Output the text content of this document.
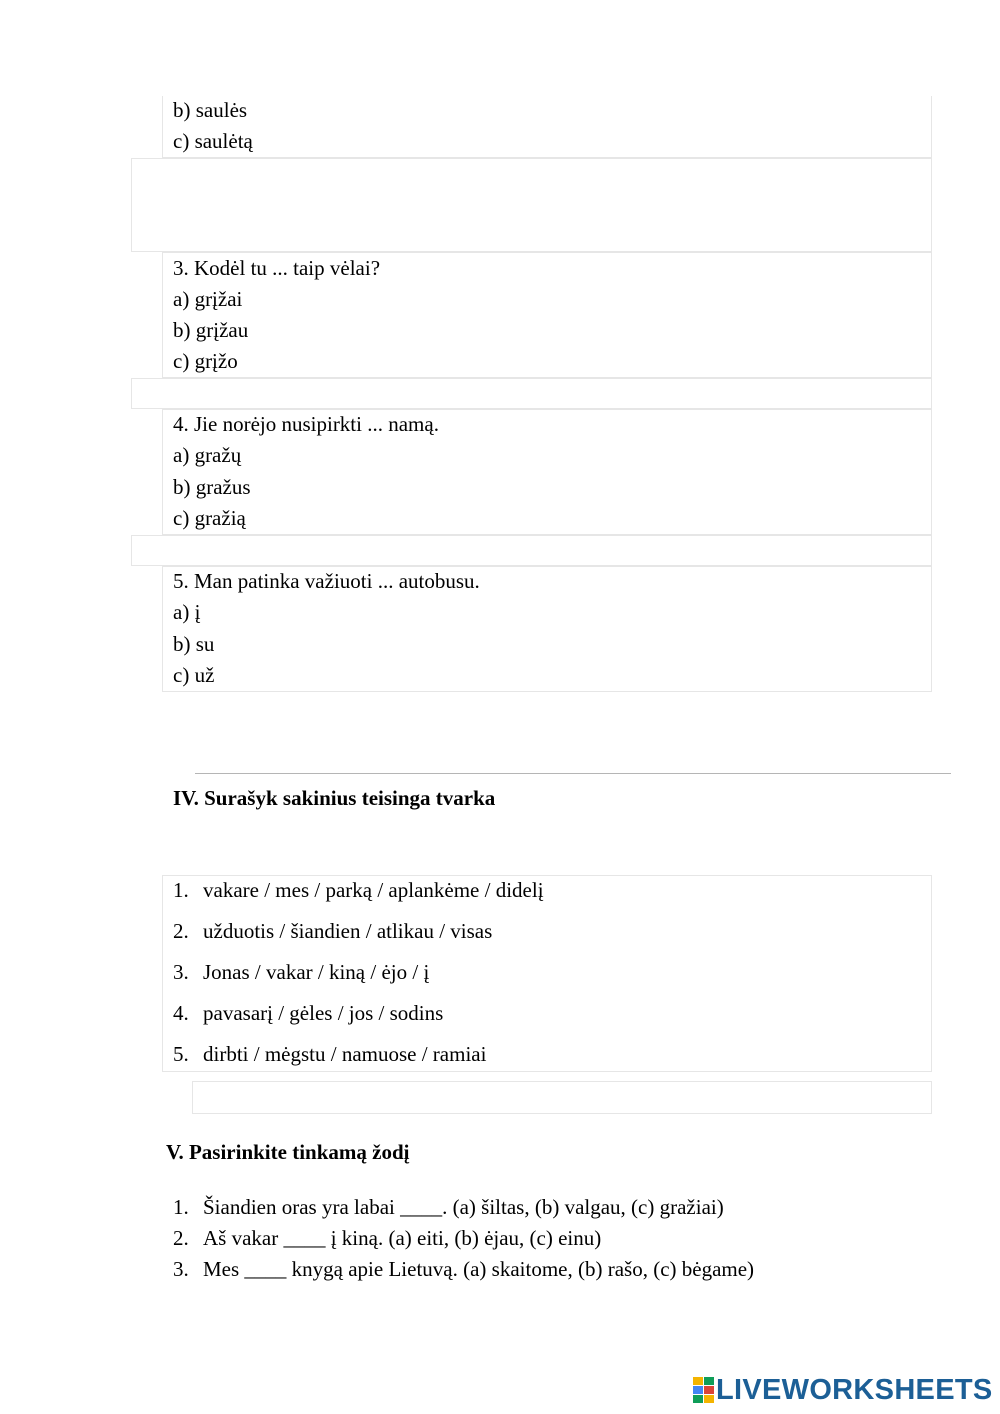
b) saulės
c) saulėtą
3. Kodėl tu ... taip vėlai?
a) grįžai
b) grįžau
c) grįžo
4. Jie norėjo nusipirkti ... namą.
a) gražų
b) gražus
c) gražią
5. Man patinka važiuoti ... autobusu.
a) į
b) su
c) už
IV. Surašyk sakinius teisinga tvarka
1. vakare / mes / parką / aplankėme / didelį
2. užduotis / šiandien / atlikau / visas
3. Jonas / vakar / kiną / ėjo / į
4. pavasarį / gėles / jos / sodins
5. dirbti / mėgstu / namuose / ramiai
V. Pasirinkite tinkamą žodį
1. Šiandien oras yra labai ____. (a) šiltas, (b) valgau, (c) gražiai)
2. Aš vakar ____ į kiną. (a) eiti, (b) ėjau, (c) einu)
3. Mes ____ knygą apie Lietuvą. (a) skaitome, (b) rašo, (c) bėgame)
LIVEWORKSHEETS
